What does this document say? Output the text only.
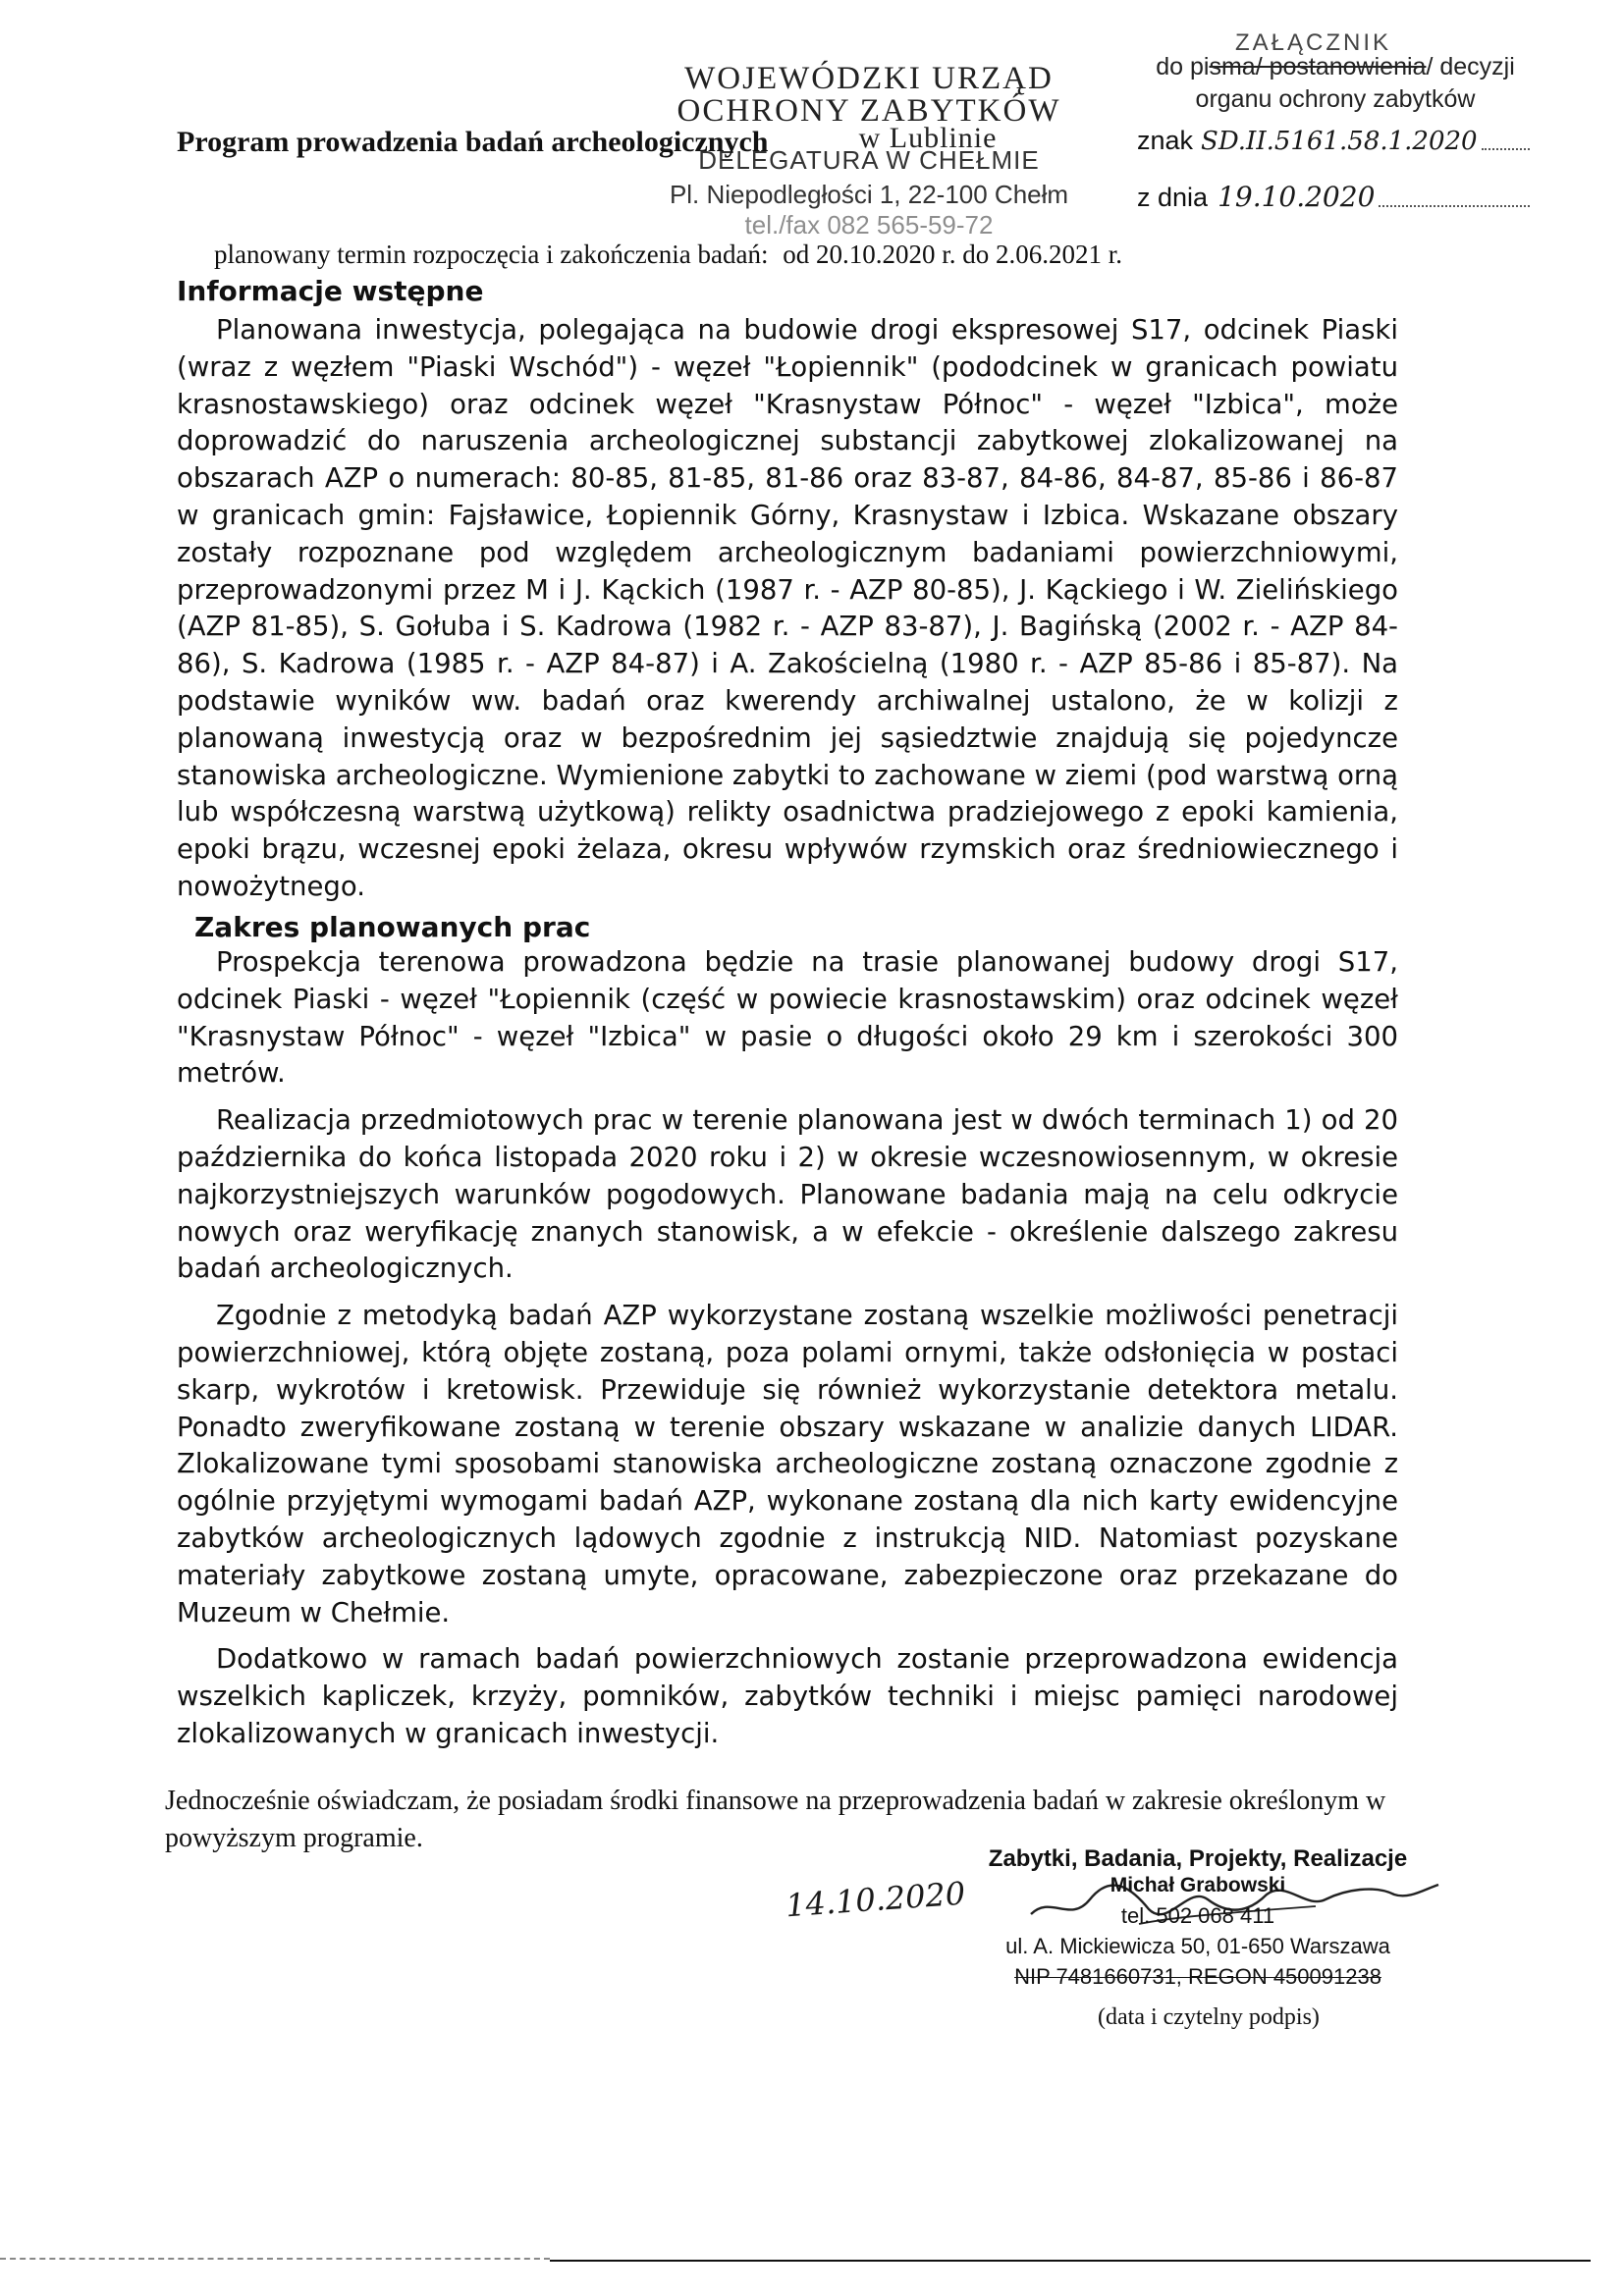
WOJEWÓDZKI URZĄD
OCHRONY ZABYTKÓW
w Lublinie
DELEGATURA W CHEŁMIE
Pl. Niepodległości 1, 22-100 Chełm
tel./fax 082 565-59-72
Program prowadzenia badań archeologicznych
ZAŁĄCZNIK
do pisma/ postanowienia/ decyzji
organu ochrony zabytków
znak SD.II.5161.58.1.2020
z dnia 19.10.2020
planowany termin rozpoczęcia i zakończenia badań: od 20.10.2020 r. do 2.06.2021 r.
Informacje wstępne

Planowana inwestycja, polegająca na budowie drogi ekspresowej S17, odcinek Piaski (wraz z węzłem "Piaski Wschód") - węzeł "Łopiennik" (pododcinek w granicach powiatu krasnostawskiego) oraz odcinek węzeł "Krasnystaw Północ" - węzeł "Izbica", może doprowadzić do naruszenia archeologicznej substancji zabytkowej zlokalizowanej na obszarach AZP o numerach: 80-85, 81-85, 81-86 oraz 83-87, 84-86, 84-87, 85-86 i 86-87 w granicach gmin: Fajsławice, Łopiennik Górny, Krasnystaw i Izbica. Wskazane obszary zostały rozpoznane pod względem archeologicznym badaniami powierzchniowymi, przeprowadzonymi przez M i J. Kąckich (1987 r. - AZP 80-85), J. Kąckiego i W. Zielińskiego (AZP 81-85), S. Gołuba i S. Kadrowa (1982 r. - AZP 83-87), J. Bagińską (2002 r. - AZP 84-86), S. Kadrowa (1985 r. - AZP 84-87) i A. Zakościelną (1980 r. - AZP 85-86 i 85-87). Na podstawie wyników ww. badań oraz kwerendy archiwalnej ustalono, że w kolizji z planowaną inwestycją oraz w bezpośrednim jej sąsiedztwie znajdują się pojedyncze stanowiska archeologiczne. Wymienione zabytki to zachowane w ziemi (pod warstwą orną lub współczesną warstwą użytkową) relikty osadnictwa pradziejowego z epoki kamienia, epoki brązu, wczesnej epoki żelaza, okresu wpływów rzymskich oraz średniowiecznego i nowożytnego.

Zakres planowanych prac

Prospekcja terenowa prowadzona będzie na trasie planowanej budowy drogi S17, odcinek Piaski - węzeł "Łopiennik (część w powiecie krasnostawskim) oraz odcinek węzeł "Krasnystaw Północ" - węzeł "Izbica" w pasie o długości około 29 km i szerokości 300 metrów.

Realizacja przedmiotowych prac w terenie planowana jest w dwóch terminach 1) od 20 października do końca listopada 2020 roku i 2) w okresie wczesnowiosennym, w okresie najkorzystniejszych warunków pogodowych. Planowane badania mają na celu odkrycie nowych oraz weryfikację znanych stanowisk, a w efekcie - określenie dalszego zakresu badań archeologicznych.

Zgodnie z metodyką badań AZP wykorzystane zostaną wszelkie możliwości penetracji powierzchniowej, którą objęte zostaną, poza polami ornymi, także odsłonięcia w postaci skarp, wykrotów i kretowisk. Przewiduje się również wykorzystanie detektora metalu. Ponadto zweryfikowane zostaną w terenie obszary wskazane w analizie danych LIDAR. Zlokalizowane tymi sposobami stanowiska archeologiczne zostaną oznaczone zgodnie z ogólnie przyjętymi wymogami badań AZP, wykonane zostaną dla nich karty ewidencyjne zabytków archeologicznych lądowych zgodnie z instrukcją NID. Natomiast pozyskane materiały zabytkowe zostaną umyte, opracowane, zabezpieczone oraz przekazane do Muzeum w Chełmie.

Dodatkowo w ramach badań powierzchniowych zostanie przeprowadzona ewidencja wszelkich kapliczek, krzyży, pomników, zabytków techniki i miejsc pamięci narodowej zlokalizowanych w granicach inwestycji.

Jednocześnie oświadczam, że posiadam środki finansowe na przeprowadzenia badań w zakresie określonym w powyższym programie.
14.10.2020
Zabytki, Badania, Projekty, Realizacje
Michał Grabowski
tel. 502 068 411
ul. A. Mickiewicza 50, 01-650 Warszawa
NIP 7481660731, REGON 450091238
(data i czytelny podpis)
